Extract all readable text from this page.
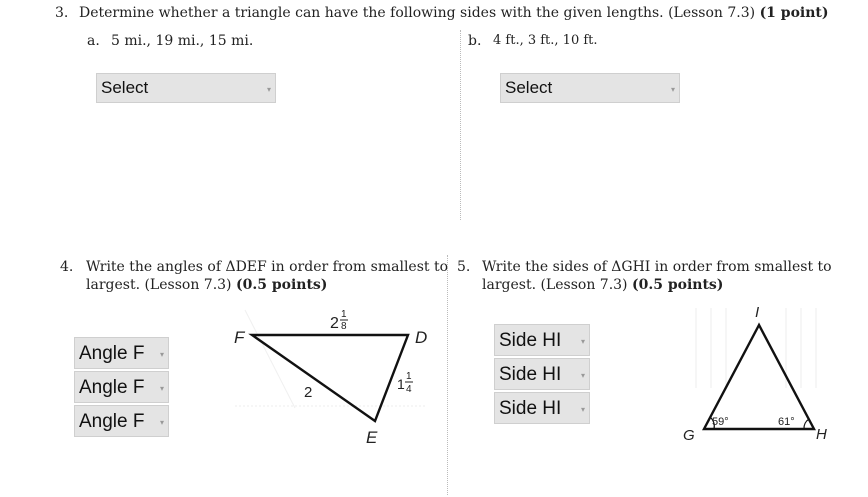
3. Determine whether a triangle can have the following sides with the given lengths. (Lesson 7.3) (1 point)
a. 5 mi., 19 mi., 15 mi.	b. 4 ft., 3 ft., 10 ft.
Select	▾	Select	▾
4. Write the angles of ΔDEF in order from smallest to
largest. (Lesson 7.3) (0.5 points)
Angle F ▾
Angle F ▾
Angle F ▾
F	D
E
2
1
8
1 1
4
2
5. Write the sides of ΔGHI in order from smallest to
largest. (Lesson 7.3) (0.5 points)
Side HI ▾
Side HI ▾
Side HI ▾
I
G	H
59°	61°
